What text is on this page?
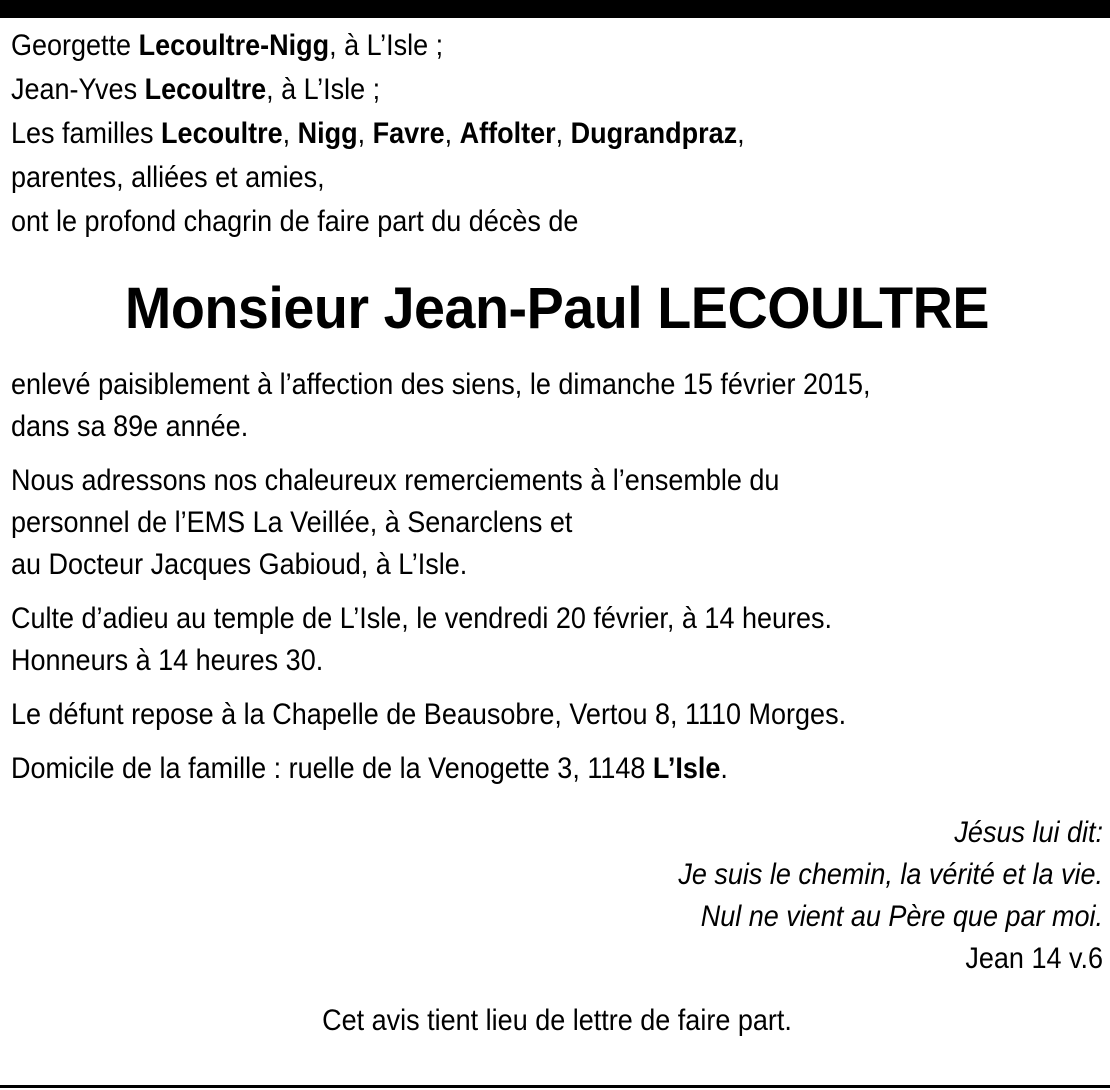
Georgette Lecoultre-Nigg, à L’Isle ;
Jean-Yves Lecoultre, à L’Isle ;
Les familles Lecoultre, Nigg, Favre, Affolter, Dugrandpraz,
parentes, alliées et amies,
ont le profond chagrin de faire part du décès de
Monsieur Jean-Paul LECOULTRE
enlevé paisiblement à l’affection des siens, le dimanche 15 février 2015,
dans sa 89e année.
Nous adressons nos chaleureux remerciements à l’ensemble du
personnel de l’EMS La Veillée, à Senarclens et
au Docteur Jacques Gabioud, à L’Isle.
Culte d’adieu au temple de L’Isle, le vendredi 20 février, à 14 heures.
Honneurs à 14 heures 30.
Le défunt repose à la Chapelle de Beausobre, Vertou 8, 1110 Morges.
Domicile de la famille : ruelle de la Venogette 3, 1148 L’Isle.
Jésus lui dit:
Je suis le chemin, la vérité et la vie.
Nul ne vient au Père que par moi.
Jean 14 v.6
Cet avis tient lieu de lettre de faire part.
